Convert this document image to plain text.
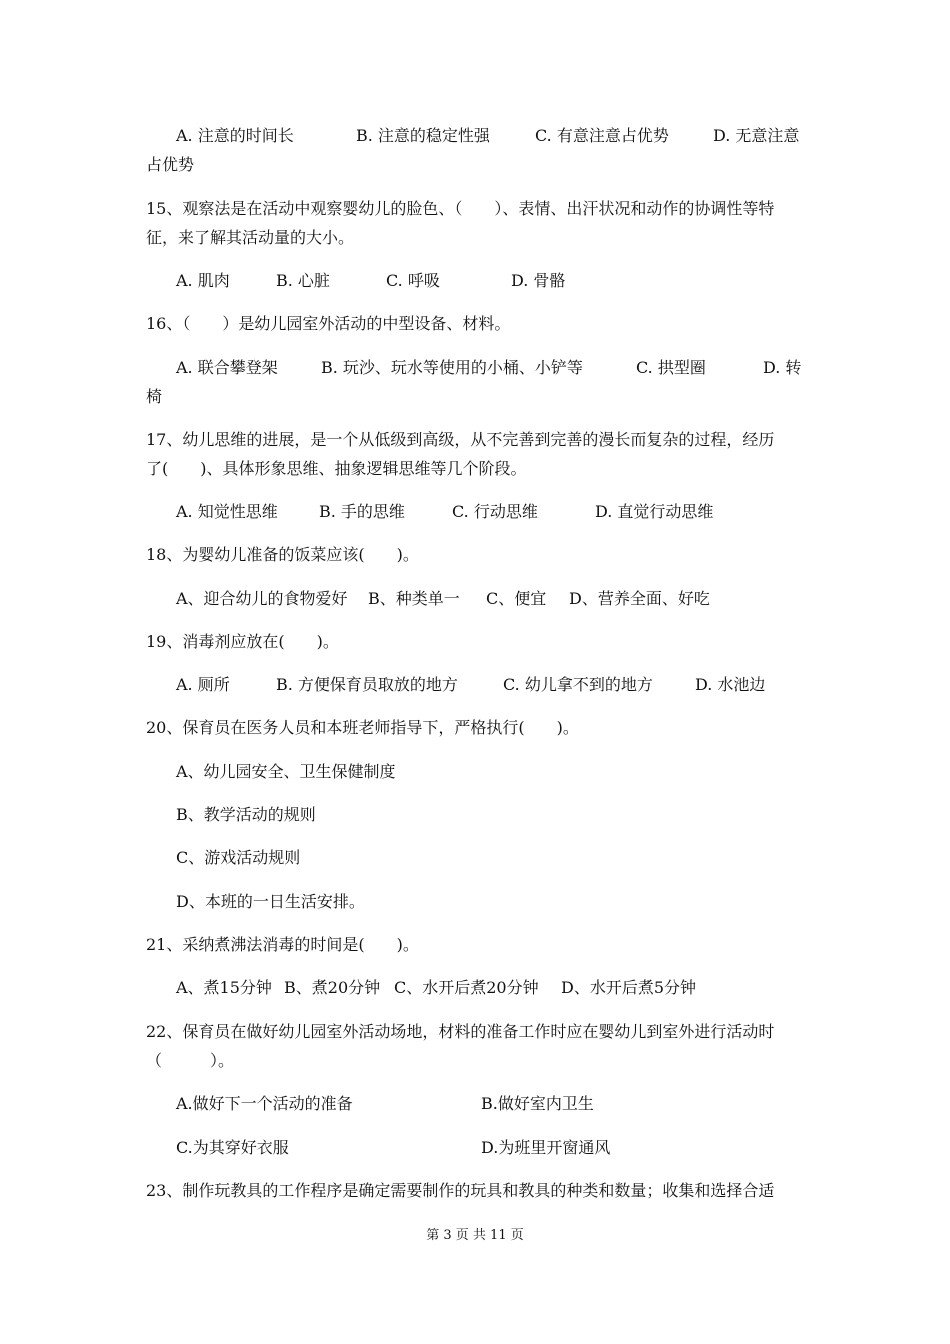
A. 注意的时间长	B. 注意的稳定性强	C. 有意注意占优势	D. 无意注意
占优势
15、观察法是在活动中观察婴幼儿的脸色、（　　）、表情、出汗状况和动作的协调性等特
征，来了解其活动量的大小。
A. 肌肉	B. 心脏	C. 呼吸	D. 骨骼
16、（　　）是幼儿园室外活动的中型设备、材料。
A. 联合攀登架	B. 玩沙、玩水等使用的小桶、小铲等	C. 拱型圈	D. 转
椅
17、幼儿思维的进展，是一个从低级到高级，从不完善到完善的漫长而复杂的过程，经历
了(　　)、具体形象思维、抽象逻辑思维等几个阶段。
A. 知觉性思维	B. 手的思维	C. 行动思维	D. 直觉行动思维
18、为婴幼儿准备的饭菜应该(　　)。
A、迎合幼儿的食物爱好 B、种类单一 C、便宜 D、营养全面、好吃
19、消毒剂应放在(　　)。
A. 厕所	B. 方便保育员取放的地方	C. 幼儿拿不到的地方	D. 水池边
20、保育员在医务人员和本班老师指导下，严格执行(　　)。
A、幼儿园安全、卫生保健制度
B、教学活动的规则
C、游戏活动规则
D、本班的一日生活安排。
21、采纳煮沸法消毒的时间是(　　)。
A、煮15分钟 B、煮20分钟 C、水开后煮20分钟 D、水开后煮5分钟
22、保育员在做好幼儿园室外活动场地，材料的准备工作时应在婴幼儿到室外进行活动时
（　　　）。
A.做好下一个活动的准备	B.做好室内卫生
C.为其穿好衣服	D.为班里开窗通风
23、制作玩教具的工作程序是确定需要制作的玩具和教具的种类和数量；收集和选择合适
第 3 页 共 11 页
